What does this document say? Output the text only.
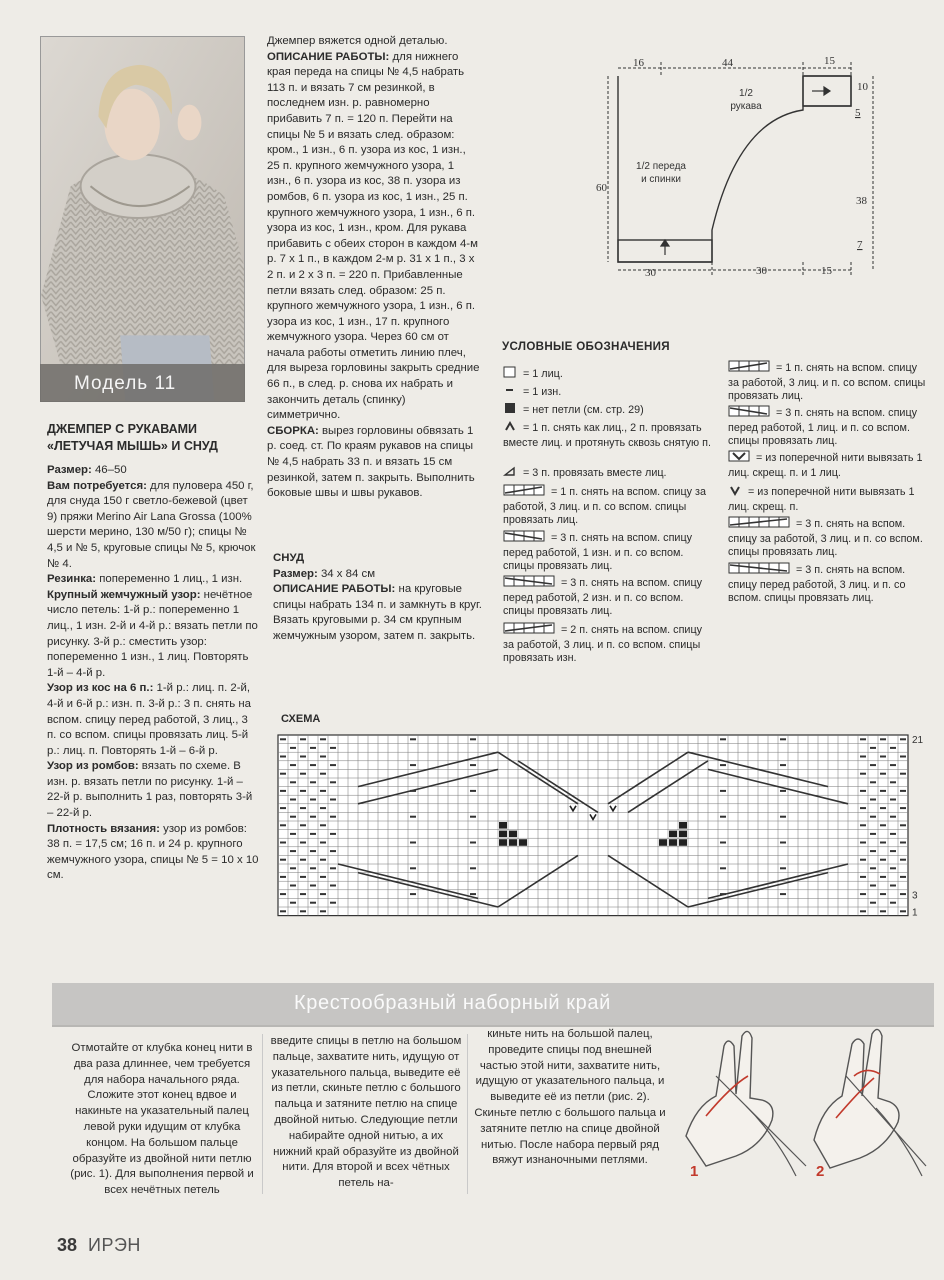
Модель 11
ДЖЕМПЕР С РУКАВАМИ «ЛЕТУЧАЯ МЫШЬ» И СНУД

Размер: 46–50

Вам потребуется: для пуловера 450 г, для снуда 150 г светло-бежевой (цвет 9) пряжи Merino Air Lana Grossa (100% шерсти мерино, 130 м/50 г); спицы № 4,5 и № 5, круговые спицы № 5, крючок № 4.

Резинка: попеременно 1 лиц., 1 изн.

Крупный жемчужный узор: нечётное число петель: 1-й р.: попеременно 1 лиц., 1 изн. 2-й и 4-й р.: вязать петли по рисунку. 3-й р.: сместить узор: попеременно 1 изн., 1 лиц. Повторять 1-й – 4-й р.

Узор из кос на 6 п.: 1-й р.: лиц. п. 2-й, 4-й и 6-й р.: изн. п. 3-й р.: 3 п. снять на вспом. спицу перед работой, 3 лиц., 3 п. со вспом. спицы провязать лиц. 5-й р.: лиц. п. Повторять 1-й – 6-й р.

Узор из ромбов: вязать по схеме. В изн. р. вязать петли по рисунку. 1-й – 22-й р. выполнить 1 раз, повторять 3-й – 22-й р.

Плотность вязания: узор из ромбов: 38 п. = 17,5 см; 16 п. и 24 р. крупного жемчужного узора, спицы № 5 = 10 х 10 см.

Джемпер вяжется одной деталью.

ОПИСАНИЕ РАБОТЫ: для нижнего края переда на спицы № 4,5 набрать 113 п. и вязать 7 см резинкой, в последнем изн. р. равномерно прибавить 7 п. = 120 п. Перейти на спицы № 5 и вязать след. образом: кром., 1 изн., 6 п. узора из кос, 1 изн., 25 п. крупного жемчужного узора, 1 изн., 6 п. узора из кос, 38 п. узора из ромбов, 6 п. узора из кос, 1 изн., 25 п. крупного жемчужного узора, 1 изн., 6 п. узора из кос, 1 изн., кром. Для рукава прибавить с обеих сторон в каждом 4-м р. 7 х 1 п., в каждом 2-м р. 31 х 1 п., 3 х 2 п. и 2 х 3 п. = 220 п. Прибавленные петли вязать след. образом: 25 п. крупного жемчужного узора, 1 изн., 6 п. узора из кос, 1 изн., 17 п. крупного жемчужного узора. Через 60 см от начала работы отметить линию плеч, для выреза горловины закрыть средние 66 п., в след. р. снова их набрать и закончить деталь (спинку) симметрично.

СБОРКА: вырез горловины обвязать 1 р. соед. ст. По краям рукавов на спицы № 4,5 набрать 33 п. и вязать 15 см резинкой, затем п. закрыть. Выполнить боковые швы и швы рукавов.

СНУД

Размер: 34 х 84 см

ОПИСАНИЕ РАБОТЫ: на круговые спицы набрать 134 п. и замкнуть в круг. Вязать круговыми р. 34 см крупным жемчужным узором, затем п. закрыть.

16	44	15
10
5
60
38
7
30	30	15
1/2 переда
и спинки
1/2
рукава
УСЛОВНЫЕ ОБОЗНАЧЕНИЯ
= 1 лиц.
= 1 изн.
= нет петли (см. стр. 29)
= 1 п. снять как лиц., 2 п. провязать вместе лиц. и протянуть сквозь снятую п.
= 3 п. провязать вместе лиц.
= 1 п. снять на вспом. спицу за работой, 3 лиц. и п. со вспом. спицы провязать лиц.
= 3 п. снять на вспом. спицу перед работой, 1 изн. и п. со вспом. спицы провязать лиц.
= 3 п. снять на вспом. спицу перед работой, 2 изн. и п. со вспом. спицы провязать лиц.
= 2 п. снять на вспом. спицу за работой, 3 лиц. и п. со вспом. спицы провязать изн.
= 1 п. снять на вспом. спицу за работой, 3 лиц. и п. со вспом. спицы провязать лиц.
= 3 п. снять на вспом. спицу перед работой, 1 лиц. и п. со вспом. спицы провязать лиц.
= из поперечной нити вывязать 1 лиц. скрещ. п. и 1 лиц.
= из поперечной нити вывязать 1 лиц. скрещ. п.
= 3 п. снять на вспом. спицу за работой, 3 лиц. и п. со вспом. спицы провязать лиц.
= 3 п. снять на вспом. спицу перед работой, 3 лиц. и п. со вспом. спицы провязать лиц.
СХЕМА
21
3
1
Крестообразный наборный край
Отмотайте от клубка конец нити в два раза длиннее, чем требуется для набора начального ряда. Сложите этот конец вдвое и накиньте на указательный палец левой руки идущим от клубка концом. На большом пальце образуйте из двойной нити петлю (рис. 1). Для выполнения первой и всех нечётных петель
введите спицы в петлю на большом пальце, захватите нить, идущую от указательного пальца, выведите её из петли, скиньте петлю с большого пальца и затяните петлю на спице двойной нитью. Следующие петли набирайте одной нитью, а их нижний край образуйте из двойной нити. Для второй и всех чётных петель на-
киньте нить на большой палец, проведите спицы под внешней частью этой нити, захватите нить, идущую от указательного пальца, и выведите её из петли (рис. 2). Скиньте петлю с большого пальца и затяните петлю на спице двойной нитью. После набора первый ряд вяжут изнаночными петлями.
1	2
38 ИРЭН
